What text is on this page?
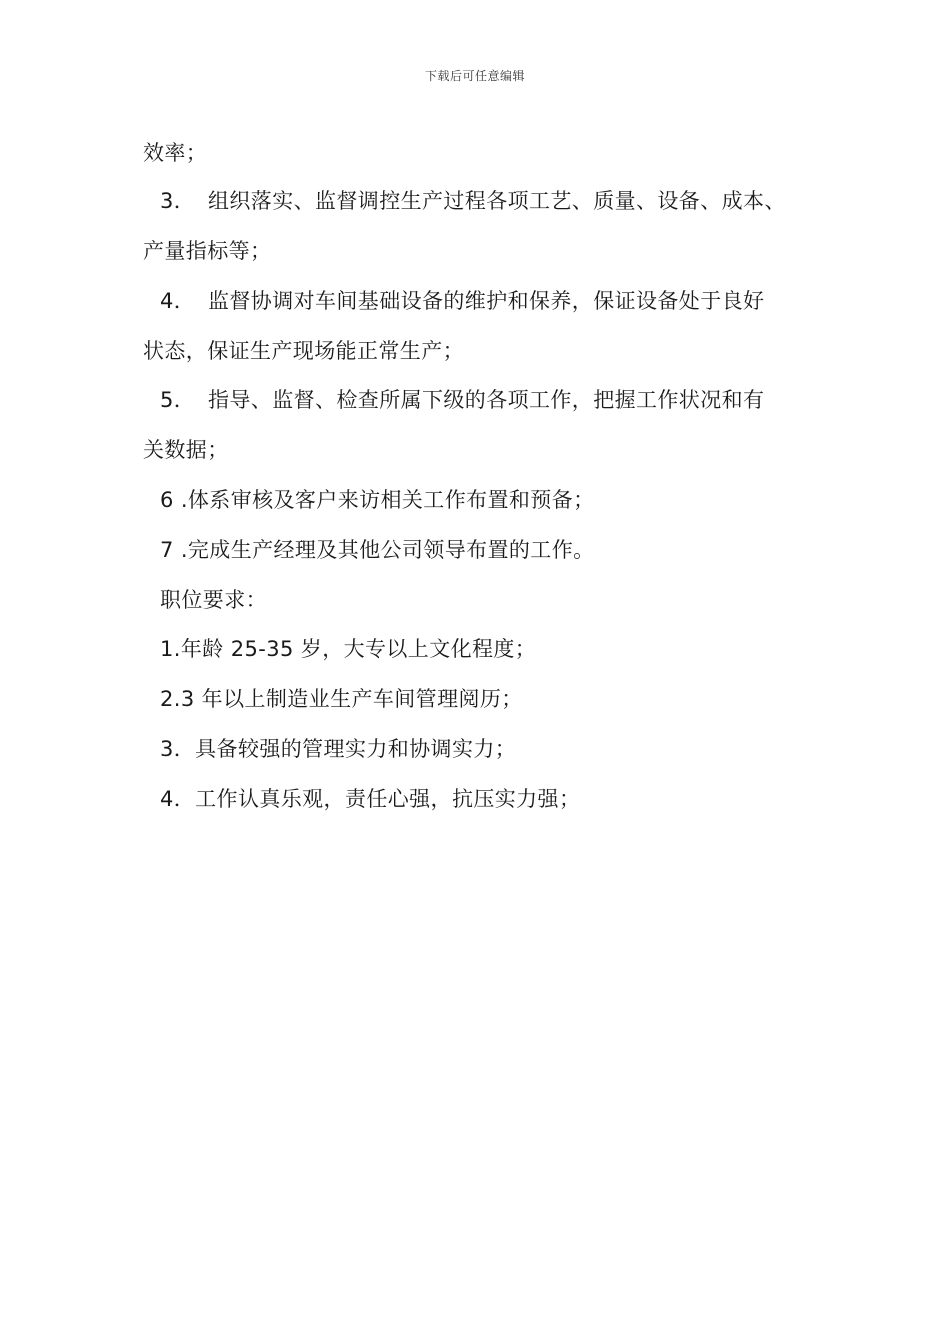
下载后可任意编辑
效率；
3． 组织落实、监督调控生产过程各项工艺、质量、设备、成本、
产量指标等；
4． 监督协调对车间基础设备的维护和保养，保证设备处于良好
状态，保证生产现场能正常生产；
5． 指导、监督、检查所属下级的各项工作，把握工作状况和有
关数据；
6 .体系审核及客户来访相关工作布置和预备；
7 .完成生产经理及其他公司领导布置的工作。
职位要求：
1.年龄 25-35 岁，大专以上文化程度；
2.3 年以上制造业生产车间管理阅历；
3．具备较强的管理实力和协调实力；
4．工作认真乐观，责任心强，抗压实力强；
